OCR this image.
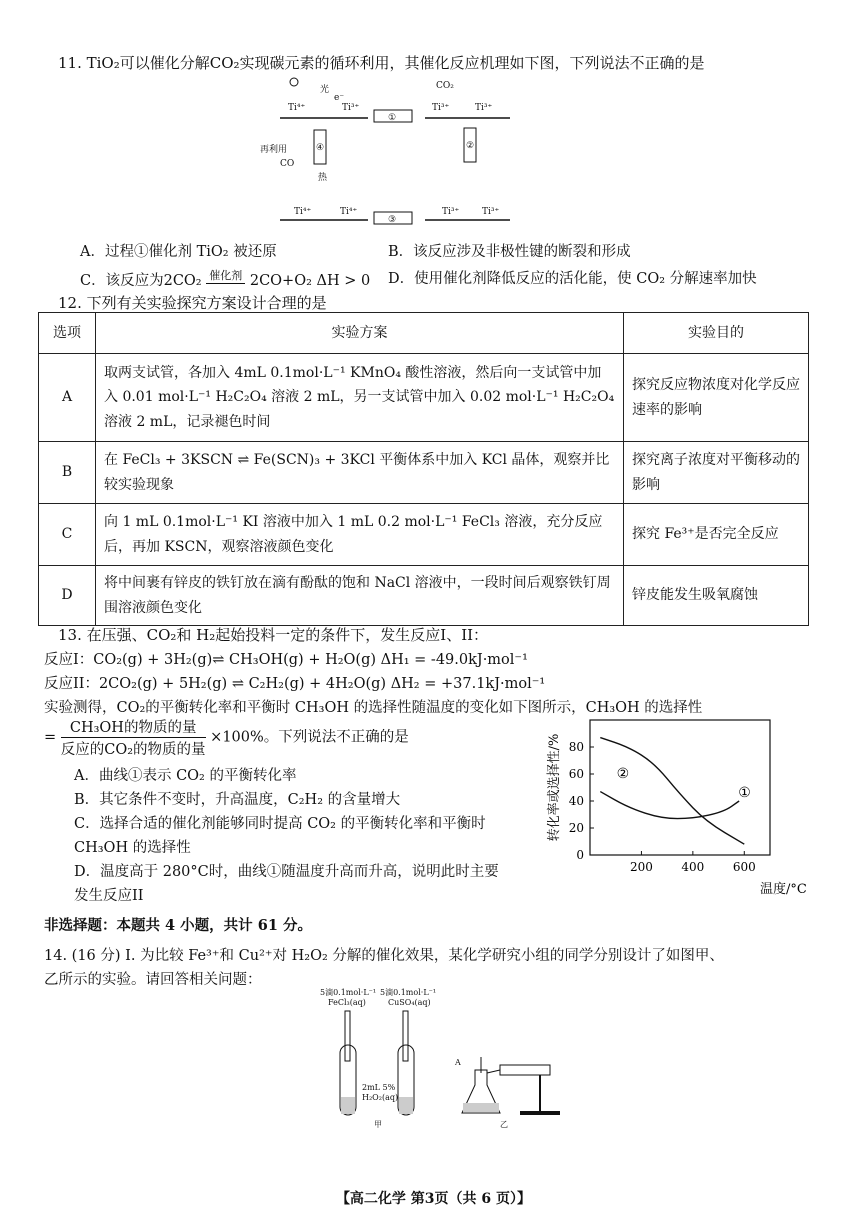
11. TiO₂可以催化分解CO₂实现碳元素的循环利用，其催化反应机理如下图，下列说法不正确的是
Ti⁴⁺	Ti³⁺
光
e⁻
①
Ti³⁺	Ti³⁺
CO₂
②
Ti³⁺	Ti³⁺
③
Ti⁴⁺	Ti⁴⁺
CO
热
再利用	④
A．过程①催化剂 TiO₂ 被还原	B．该反应涉及非极性键的断裂和形成
C．该反应为2CO₂ 催化剂 2CO+O₂ ΔH > 0 D．使用催化剂降低反应的活化能，使 CO₂ 分解速率加快
12. 下列有关实验探究方案设计合理的是
选项	实验方案	实验目的
A	取两支试管，各加入 4mL 0.1mol·L⁻¹ KMnO₄ 酸性溶液，然后向一支试管中加入 0.01 mol·L⁻¹ H₂C₂O₄ 溶液 2 mL，另一支试管中加入 0.02 mol·L⁻¹ H₂C₂O₄ 溶液 2 mL，记录褪色时间	探究反应物浓度对化学反应速率的影响
B	在 FeCl₃ + 3KSCN ⇌ Fe(SCN)₃ + 3KCl 平衡体系中加入 KCl 晶体，观察并比较实验现象	探究离子浓度对平衡移动的影响
C	向 1 mL 0.1mol·L⁻¹ KI 溶液中加入 1 mL 0.2 mol·L⁻¹ FeCl₃ 溶液，充分反应后，再加 KSCN，观察溶液颜色变化	探究 Fe³⁺是否完全反应
D	将中间裹有锌皮的铁钉放在滴有酚酞的饱和 NaCl 溶液中，一段时间后观察铁钉周围溶液颜色变化	锌皮能发生吸氧腐蚀
13. 在压强、CO₂和 H₂起始投料一定的条件下，发生反应I、II：
反应I：CO₂(g) + 3H₂(g)⇌ CH₃OH(g) + H₂O(g) ΔH₁ = -49.0kJ·mol⁻¹
反应II：2CO₂(g) + 5H₂(g) ⇌ C₂H₂(g) + 4H₂O(g) ΔH₂ = +37.1kJ·mol⁻¹
实验测得，CO₂的平衡转化率和平衡时 CH₃OH 的选择性随温度的变化如下图所示，CH₃OH 的选择性
= $\frac{\text{CH₃OH的物质的量}}{\text{反应的CO₂的物质的量}} \times 100\%$。下列说法不正确的是
A．曲线①表示 CO₂ 的平衡转化率
B．其它条件不变时，升高温度，C₂H₂ 的含量增大
C．选择合适的催化剂能够同时提高 CO₂ 的平衡转化率和平衡时
CH₃OH 的选择性
D．温度高于 280°C时，曲线①随温度升高而升高，说明此时主要
发生反应II
0
20
40
60
80
200 400 600
转化率或选择性/%
温度/°C
①
②
非选择题：本题共 4 小题，共计 61 分。
14. (16 分) I. 为比较 Fe³⁺和 Cu²⁺对 H₂O₂ 分解的催化效果，某化学研究小组的同学分别设计了如图甲、
乙所示的实验。请回答相关问题：
5滴0.1mol·L⁻¹
FeCl₃(aq)
5滴0.1mol·L⁻¹
CuSO₄(aq)
2mL 5%
H₂O₂(aq)
甲
A
乙
【高二化学 第3页（共 6 页）】
